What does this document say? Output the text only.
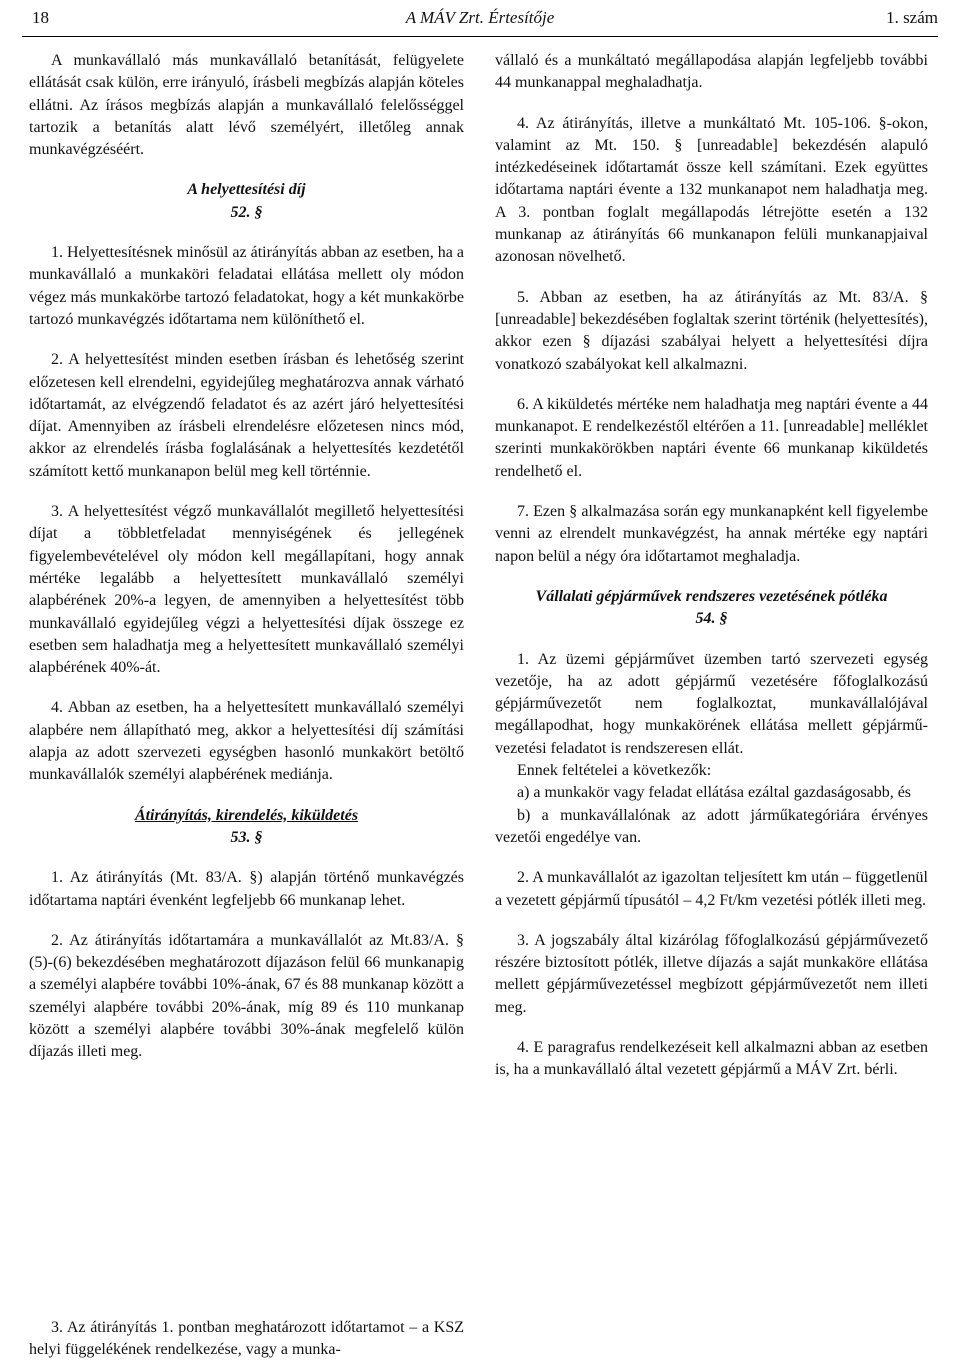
18	A MÁV Zrt. Értesítője	1. szám

A munkavállaló más munkavállaló betanítását, felügyelete ellátását csak külön, erre irányuló, írásbeli megbízás alapján köteles ellátni. Az írásos megbízás alapján a munkavállaló felelősséggel tartozik a betanítás alatt lévő személyért, illetőleg annak munkavégzéséért.

A helyettesítési díj

52. §

1. Helyettesítésnek minősül az átirányítás abban az esetben, ha a munkavállaló a munkaköri feladatai ellátása mellett oly módon végez más munkakörbe tartozó feladatokat, hogy a két munkakörbe tartozó munkavégzés időtartama nem különíthető el.

2. A helyettesítést minden esetben írásban és lehetőség szerint előzetesen kell elrendelni, egyidejűleg meghatározva annak várható időtartamát, az elvégzendő feladatot és az azért járó helyettesítési díjat. Amennyiben az írásbeli elrendelésre előzetesen nincs mód, akkor az elrendelés írásba foglalásának a helyettesítés kezdetétől számított kettő munkanapon belül meg kell történnie.

3. A helyettesítést végző munkavállalót megillető helyettesítési díjat a többletfeladat mennyiségének és jellegének figyelembevételével oly módon kell megállapítani, hogy annak mértéke legalább a helyettesített munkavállaló személyi alapbérének 20%-a legyen, de amennyiben a helyettesítést több munkavállaló egyidejűleg végzi a helyettesítési díjak összege ez esetben sem haladhatja meg a helyettesített munkavállaló személyi alapbérének 40%-át.

4. Abban az esetben, ha a helyettesített munkavállaló személyi alapbére nem állapítható meg, akkor a helyettesítési díj számítási alapja az adott szervezeti egységben hasonló munkakört betöltő munkavállalók személyi alapbérének mediánja.

Átirányítás, kirendelés, kiküldetés

53. §

1. Az átirányítás (Mt. 83/A. §) alapján történő munkavégzés időtartama naptári évenként legfeljebb 66 munkanap lehet.

2. Az átirányítás időtartamára a munkavállalót az Mt.83/A. § (5)-(6) bekezdésében meghatározott díjazáson felül 66 munkanapig a személyi alapbére további 10%-ának, 67 és 88 munkanap között a személyi alapbére további 20%-ának, míg 89 és 110 munkanap között a személyi alapbére további 30%-ának megfelelő külön díjazás illeti meg.

3. Az átirányítás 1. pontban meghatározott időtartamot – a KSZ helyi függelékének rendelkezése, vagy a munka-

vállaló és a munkáltató megállapodása alapján legfeljebb további 44 munkanappal meghaladhatja.

4. Az átirányítás, illetve a munkáltató Mt. 105-106. §-okon, valamint az Mt. 150. § [unreadable] bekezdésén alapuló intézkedéseinek időtartamát össze kell számítani. Ezek együttes időtartama naptári évente a 132 munkanapot nem haladhatja meg. A 3. pontban foglalt megállapodás létrejötte esetén a 132 munkanap az átirányítás 66 munkanapon felüli munkanapjaival azonosan növelhető.

5. Abban az esetben, ha az átirányítás az Mt. 83/A. § [unreadable] bekezdésében foglaltak szerint történik (helyettesítés), akkor ezen § díjazási szabályai helyett a helyettesítési díjra vonatkozó szabályokat kell alkalmazni.

6. A kiküldetés mértéke nem haladhatja meg naptári évente a 44 munkanapot. E rendelkezéstől eltérően a 11. [unreadable] melléklet szerinti munkakörökben naptári évente 66 munkanap kiküldetés rendelhető el.

7. Ezen § alkalmazása során egy munkanapként kell figyelembe venni az elrendelt munkavégzést, ha annak mértéke egy naptári napon belül a négy óra időtartamot meghaladja.

Vállalati gépjárművek rendszeres vezetésének pótléka

54. §

1. Az üzemi gépjárművet üzemben tartó szervezeti egység vezetője, ha az adott gépjármű vezetésére főfoglalkozású gépjárművezetőt nem foglalkoztat, munkavállalójával megállapodhat, hogy munkakörének ellátása mellett gépjármű-vezetési feladatot is rendszeresen ellát.

Ennek feltételei a következők:

a) a munkakör vagy feladat ellátása ezáltal gazdaságosabb, és

b) a munkavállalónak az adott járműkategóriára érvényes vezetői engedélye van.

2. A munkavállalót az igazoltan teljesített km után – függetlenül a vezetett gépjármű típusától – 4,2 Ft/km vezetési pótlék illeti meg.

3. A jogszabály által kizárólag főfoglalkozású gépjárművezető részére biztosított pótlék, illetve díjazás a saját munkaköre ellátása mellett gépjárművezetéssel megbízott gépjárművezetőt nem illeti meg.

4. E paragrafus rendelkezéseit kell alkalmazni abban az esetben is, ha a munkavállaló által vezetett gépjármű a MÁV Zrt. bérli.
